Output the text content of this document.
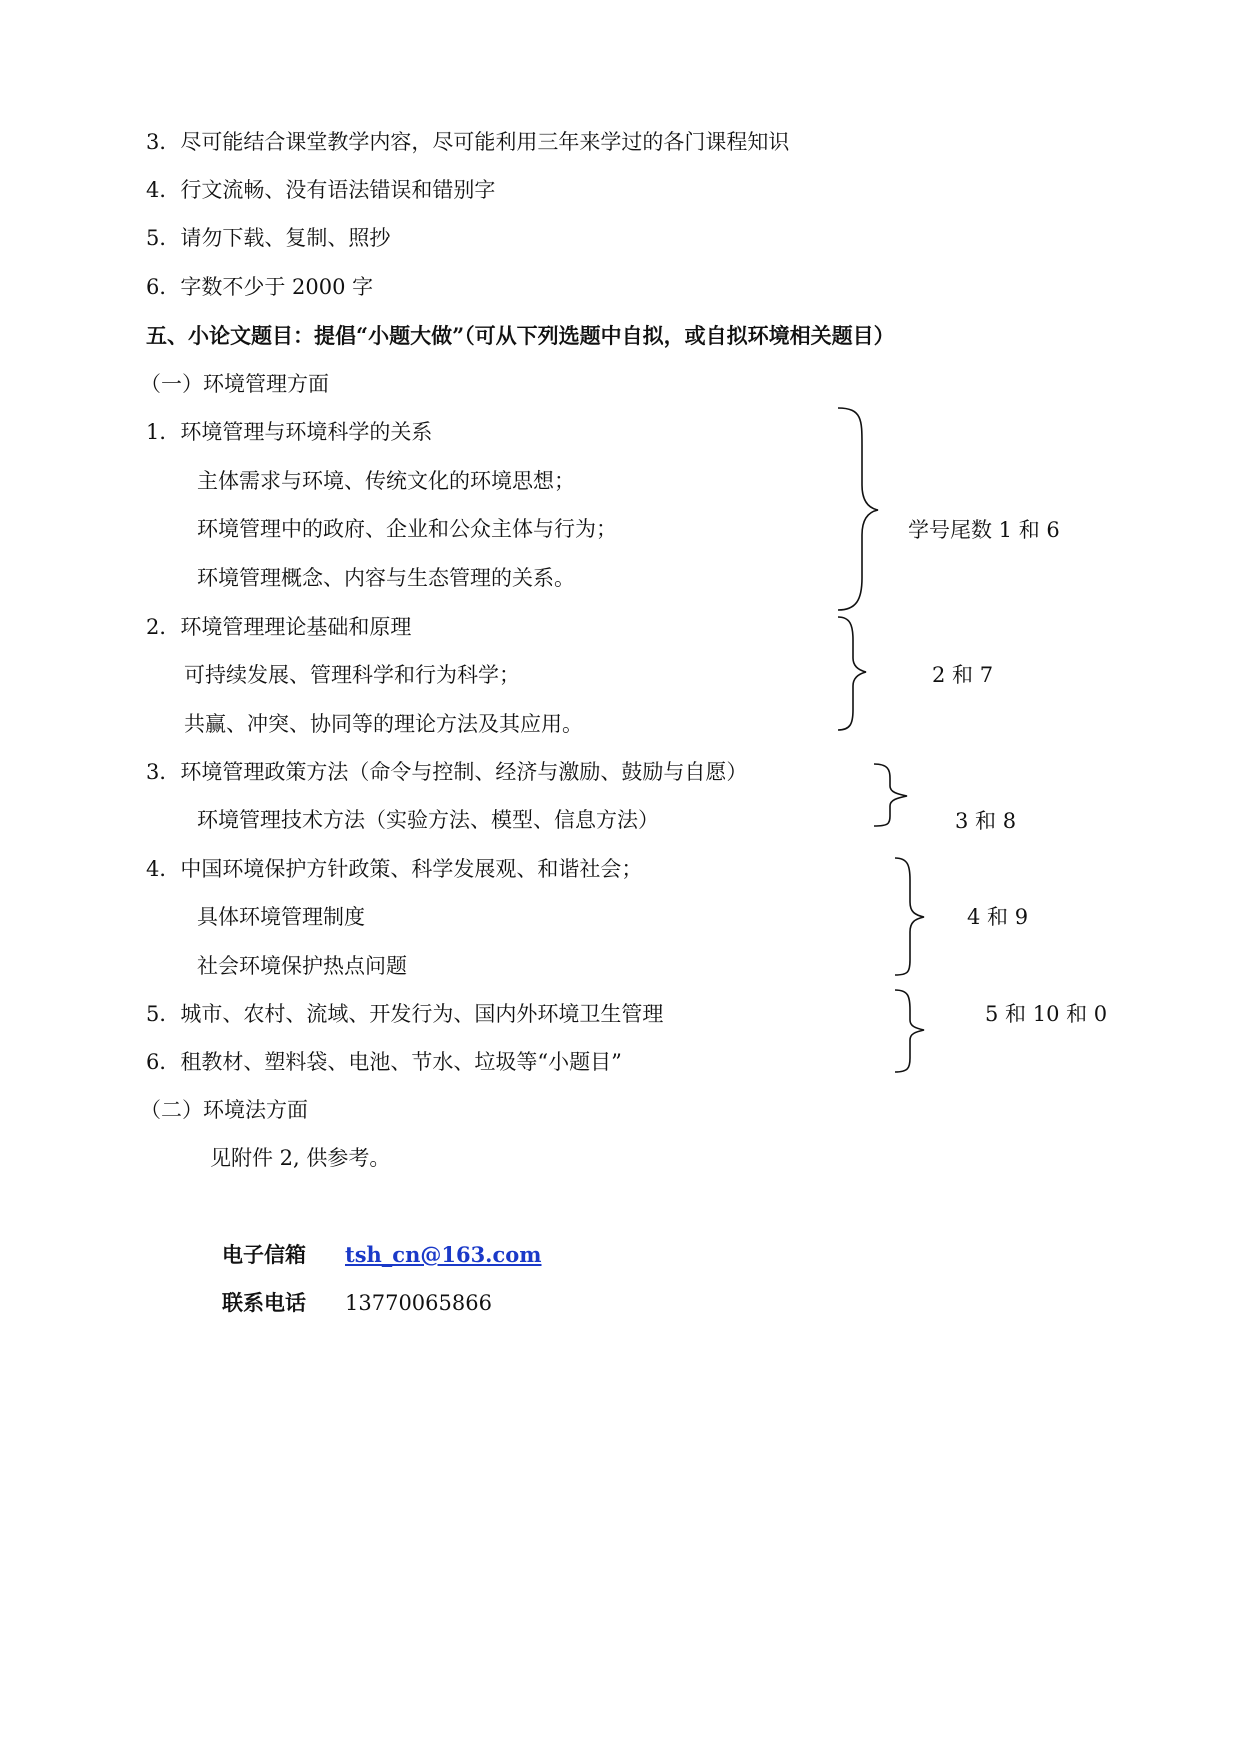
3．尽可能结合课堂教学内容，尽可能利用三年来学过的各门课程知识
4．行文流畅、没有语法错误和错别字
5．请勿下载、复制、照抄
6．字数不少于 2000 字
五、小论文题目：提倡“小题大做”（可从下列选题中自拟，或自拟环境相关题目）
（一）环境管理方面
1．环境管理与环境科学的关系
主体需求与环境、传统文化的环境思想；
环境管理中的政府、企业和公众主体与行为；
环境管理概念、内容与生态管理的关系。
学号尾数 1 和 6
2．环境管理理论基础和原理
可持续发展、管理科学和行为科学；
共赢、冲突、协同等的理论方法及其应用。
2 和 7
3．环境管理政策方法（命令与控制、经济与激励、鼓励与自愿）
环境管理技术方法（实验方法、模型、信息方法）	3 和 8
4．中国环境保护方针政策、科学发展观、和谐社会；
具体环境管理制度
社会环境保护热点问题
4 和 9
5．城市、农村、流域、开发行为、国内外环境卫生管理
6．租教材、塑料袋、电池、节水、垃圾等“小题目”
5 和 10 和 0
（二）环境法方面
见附件 2, 供参考。
电子信箱 tsh_cn@163.com
联系电话 13770065866
